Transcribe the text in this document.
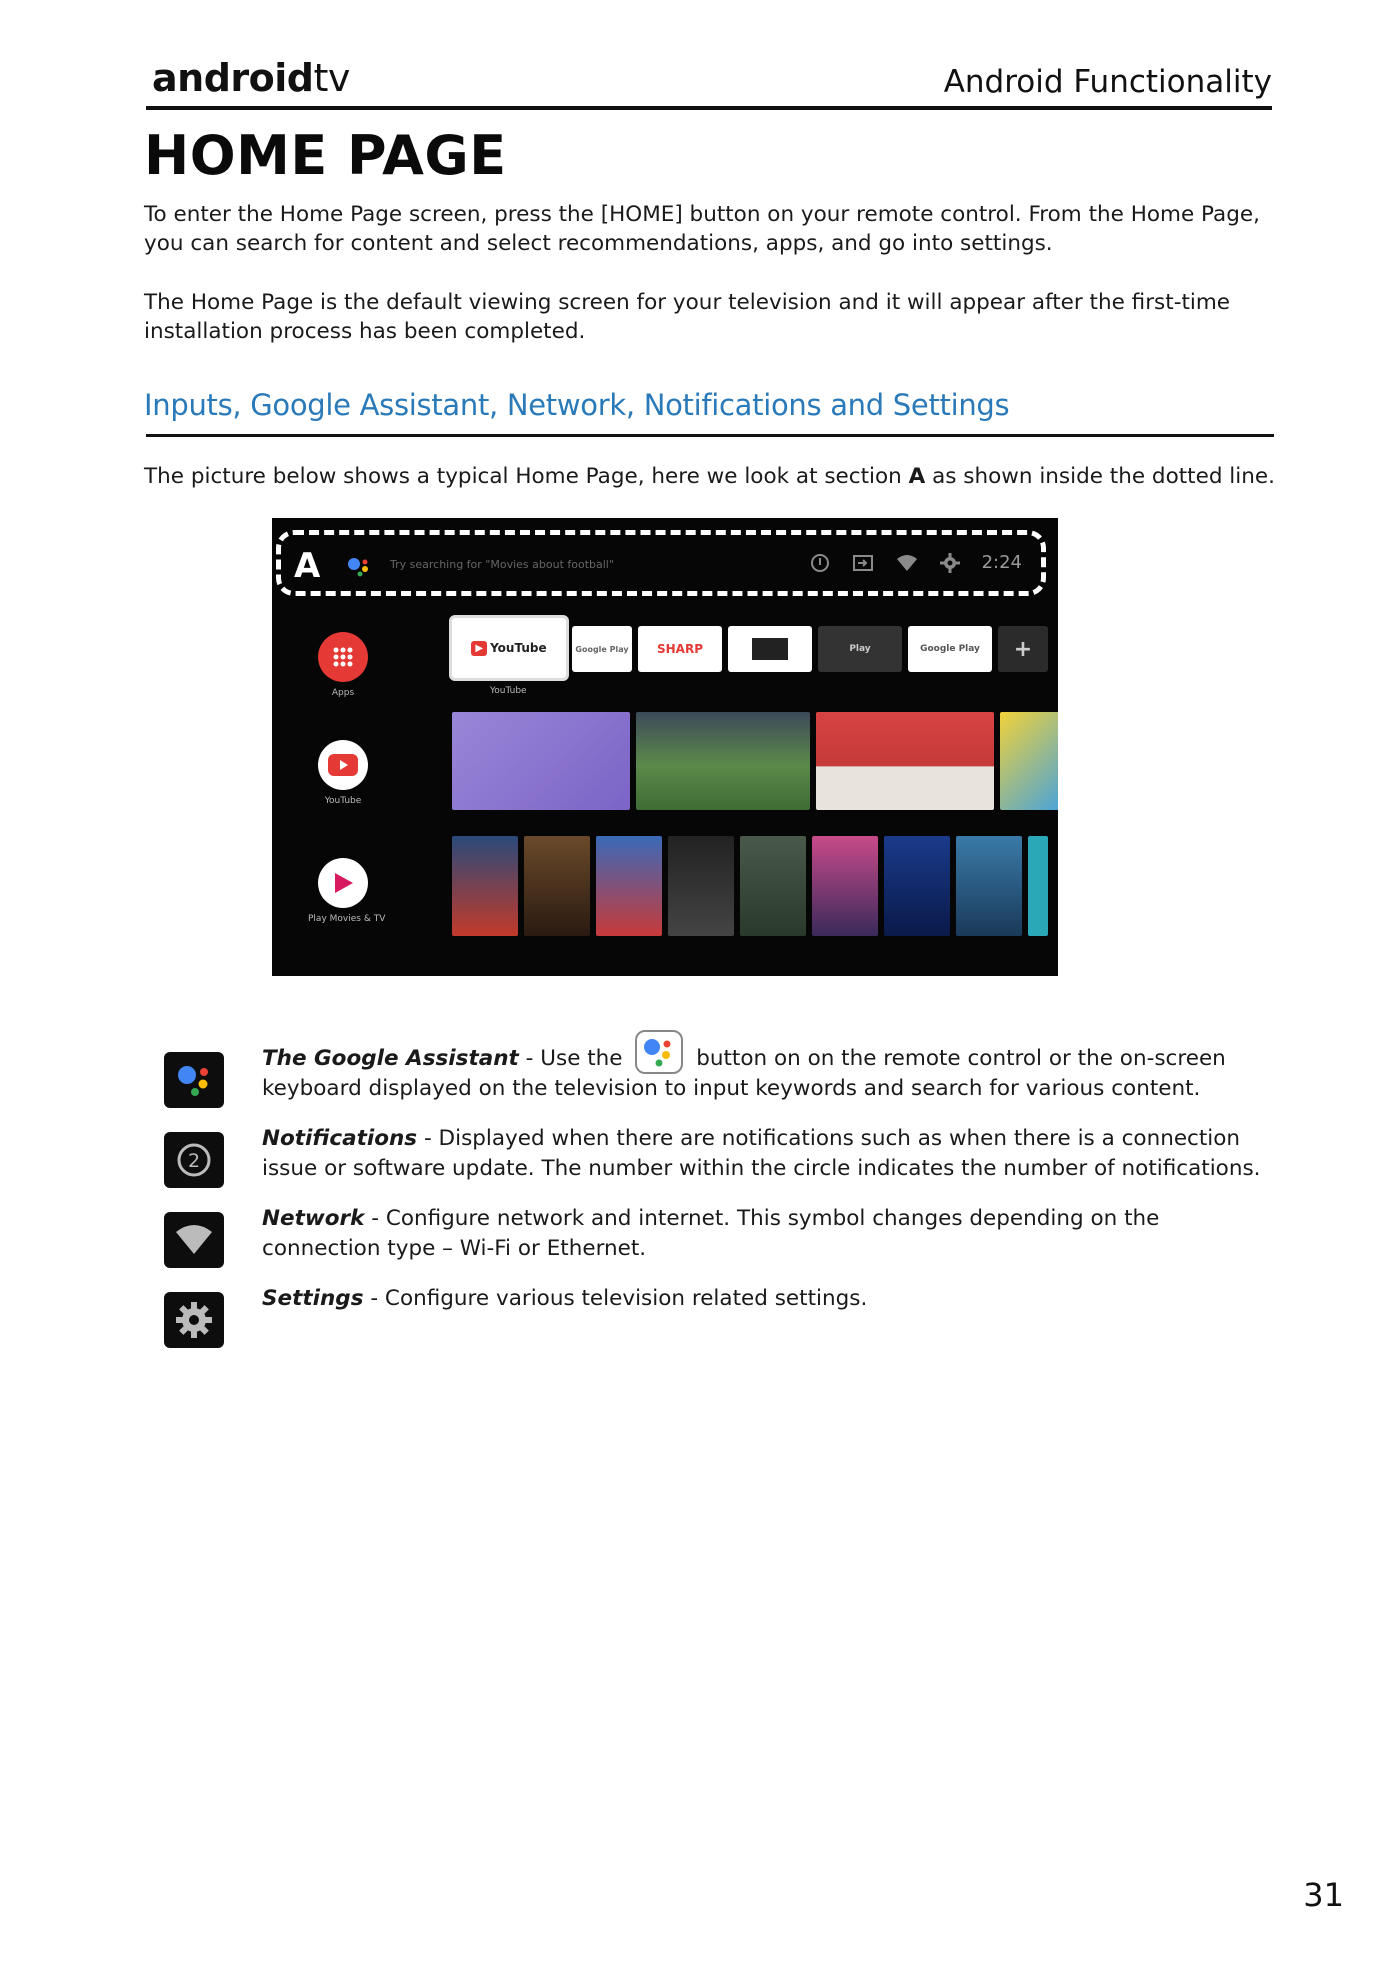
androidtv	Android Functionality
HOME PAGE
To enter the Home Page screen, press the [HOME] button on your remote control. From the Home Page, you can search for content and select recommendations, apps, and go into settings.
The Home Page is the default viewing screen for your television and it will appear after the first-time installation process has been completed.
Inputs, Google Assistant, Network, Notifications and Settings
The picture below shows a typical Home Page, here we look at section A as shown inside the dotted line.
A	Try searching for "Movies about football"	2:24
Apps
YouTube
Play Movies & TV
▶ YouTube	Google Play SHARP	Play	Google Play +
YouTube
The Google Assistant - Use the	button on on the remote control or the on-screen keyboard displayed on the television to input keywords and search for various content.
2
Notifications - Displayed when there are notifications such as when there is a connection issue or software update. The number within the circle indicates the number of notifications.
Network - Configure network and internet. This symbol changes depending on the connection type – Wi-Fi or Ethernet.
Settings - Configure various television related settings.
31
